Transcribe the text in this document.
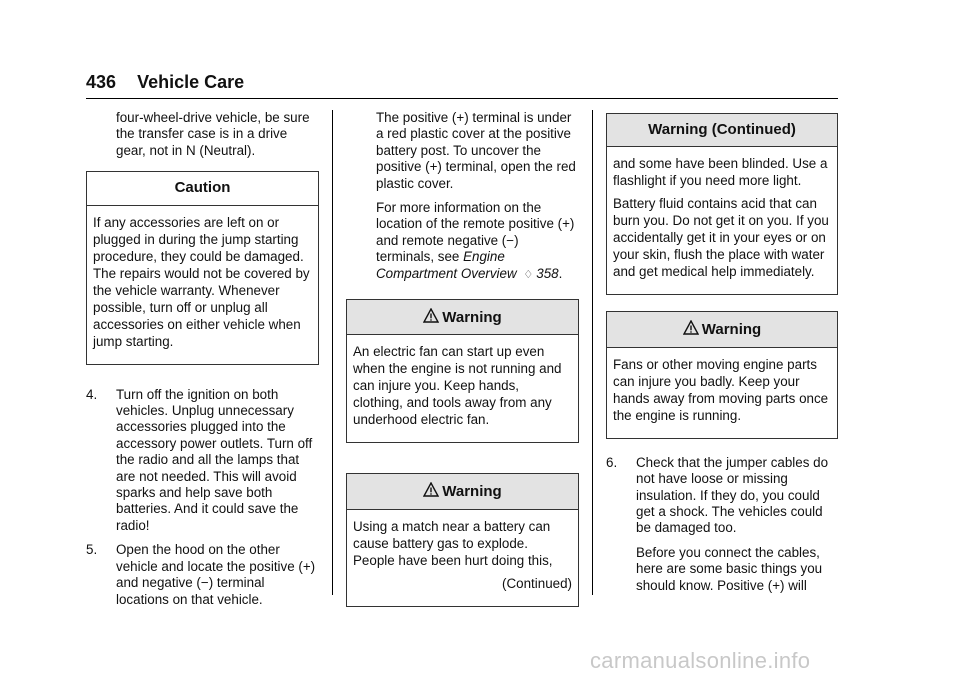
436 Vehicle Care

four-wheel-drive vehicle, be sure the transfer case is in a drive gear, not in N (Neutral).

Caution

If any accessories are left on or plugged in during the jump starting procedure, they could be damaged. The repairs would not be covered by the vehicle warranty. Whenever possible, turn off or unplug all accessories on either vehicle when jump starting.

4. Turn off the ignition on both vehicles. Unplug unnecessary accessories plugged into the accessory power outlets. Turn off the radio and all the lamps that are not needed. This will avoid sparks and help save both batteries. And it could save the radio!
5. Open the hood on the other vehicle and locate the positive (+) and negative (−) terminal locations on that vehicle.

The positive (+) terminal is under a red plastic cover at the positive battery post. To uncover the positive (+) terminal, open the red plastic cover.

For more information on the location of the remote positive (+) and remote negative (−) terminals, see Engine Compartment Overview ♢ 358.

Warning

An electric fan can start up even when the engine is not running and can injure you. Keep hands, clothing, and tools away from any underhood electric fan.

Warning

Using a match near a battery can cause battery gas to explode. People have been hurt doing this,

(Continued)

Warning (Continued)

and some have been blinded. Use a flashlight if you need more light.

Battery fluid contains acid that can burn you. Do not get it on you. If you accidentally get it in your eyes or on your skin, flush the place with water and get medical help immediately.

Warning

Fans or other moving engine parts can injure you badly. Keep your hands away from moving parts once the engine is running.

6. Check that the jumper cables do not have loose or missing insulation. If they do, you could get a shock. The vehicles could be damaged too.

Before you connect the cables, here are some basic things you should know. Positive (+) will

carmanualsonline.info
